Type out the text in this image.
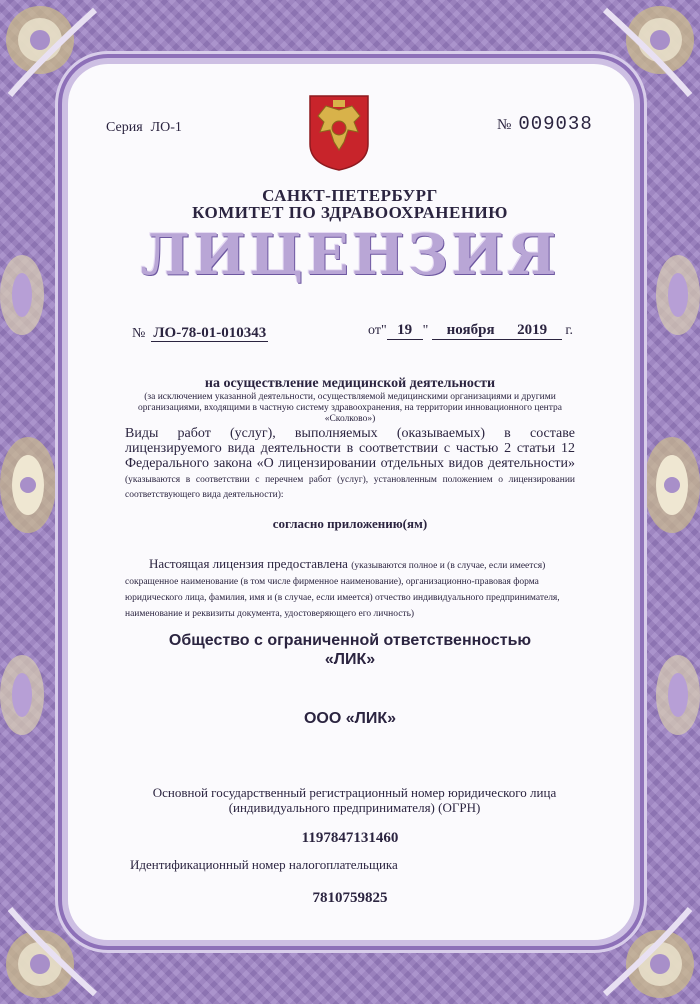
Серия ЛО-1	№ 009038
САНКТ-ПЕТЕРБУРГ
КОМИТЕТ ПО ЗДРАВООХРАНЕНИЮ
ЛИЦЕНЗИЯ
№ ЛО-78-01-010343	от" 19 " ноября 2019 г.
на осуществление медицинской деятельности
(за исключением указанной деятельности, осуществляемой медицинскими организациями и другими организациями, входящими в частную систему здравоохранения, на территории инновационного центра «Сколково»)
Виды работ (услуг), выполняемых (оказываемых) в составе лицензируемого вида деятельности в соответствии с частью 2 статьи 12 Федерального закона «О лицензировании отдельных видов деятельности» (указываются в соответствии с перечнем работ (услуг), установленным положением о лицензировании соответствующего вида деятельности):
согласно приложению(ям)
Настоящая лицензия предоставлена (указываются полное и (в случае, если имеется) сокращенное наименование (в том числе фирменное наименование), организационно-правовая форма юридического лица, фамилия, имя и (в случае, если имеется) отчество индивидуального предпринимателя, наименование и реквизиты документа, удостоверяющего его личность)
Общество с ограниченной ответственностью
«ЛИК»
ООО «ЛИК»
Основной государственный регистрационный номер юридического лица (индивидуального предпринимателя) (ОГРН)
1197847131460
Идентификационный номер налогоплательщика
7810759825
